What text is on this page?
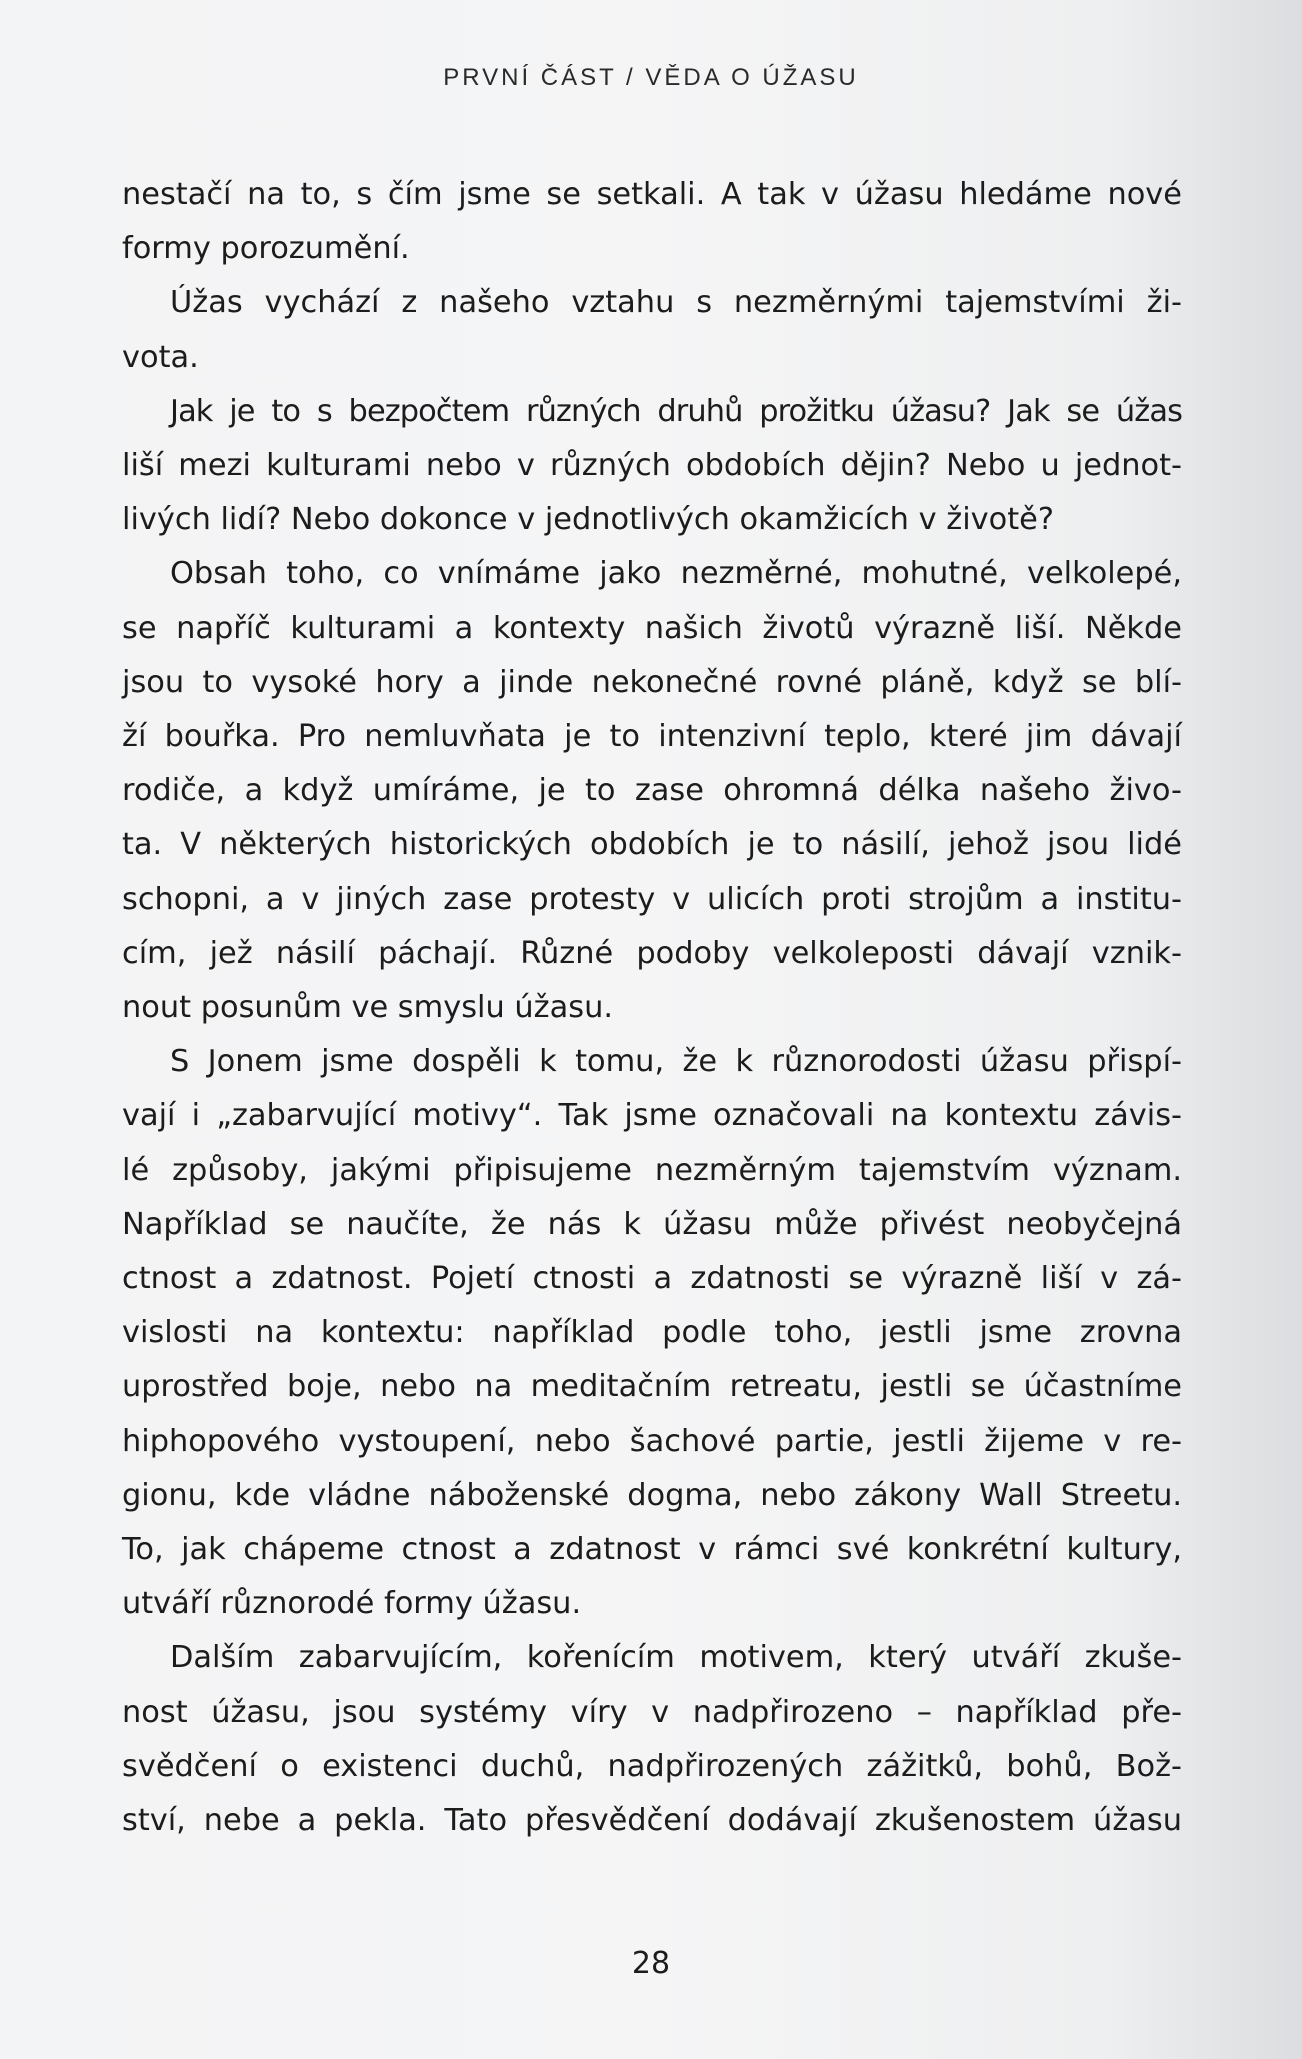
PRVNÍ ČÁST / VĚDA O ÚŽASU
nestačí na to, s čím jsme se setkali. A tak v úžasu hledáme nové
formy porozumění.
Úžas vychází z našeho vztahu s nezměrnými tajemstvími ži-
vota.
Jak je to s bezpočtem různých druhů prožitku úžasu? Jak se úžas
liší mezi kulturami nebo v různých obdobích dějin? Nebo u jednot-
livých lidí? Nebo dokonce v jednotlivých okamžicích v životě?
Obsah toho, co vnímáme jako nezměrné, mohutné, velkolepé,
se napříč kulturami a kontexty našich životů výrazně liší. Někde
jsou to vysoké hory a jinde nekonečné rovné pláně, když se blí-
ží bouřka. Pro nemluvňata je to intenzivní teplo, které jim dávají
rodiče, a když umíráme, je to zase ohromná délka našeho živo-
ta. V některých historických obdobích je to násilí, jehož jsou lidé
schopni, a v jiných zase protesty v ulicích proti strojům a institu-
cím, jež násilí páchají. Různé podoby velkoleposti dávají vznik-
nout posunům ve smyslu úžasu.
S Jonem jsme dospěli k tomu, že k různorodosti úžasu přispí-
vají i „zabarvující motivy“. Tak jsme označovali na kontextu závis-
lé způsoby, jakými připisujeme nezměrným tajemstvím význam.
Například se naučíte, že nás k úžasu může přivést neobyčejná
ctnost a zdatnost. Pojetí ctnosti a zdatnosti se výrazně liší v zá-
vislosti na kontextu: například podle toho, jestli jsme zrovna
uprostřed boje, nebo na meditačním retreatu, jestli se účastníme
hiphopového vystoupení, nebo šachové partie, jestli žijeme v re-
gionu, kde vládne náboženské dogma, nebo zákony Wall Streetu.
To, jak chápeme ctnost a zdatnost v rámci své konkrétní kultury,
utváří různorodé formy úžasu.
Dalším zabarvujícím, kořenícím motivem, který utváří zkuše-
nost úžasu, jsou systémy víry v nadpřirozeno – například pře-
svědčení o existenci duchů, nadpřirozených zážitků, bohů, Bož-
ství, nebe a pekla. Tato přesvědčení dodávají zkušenostem úžasu
28
